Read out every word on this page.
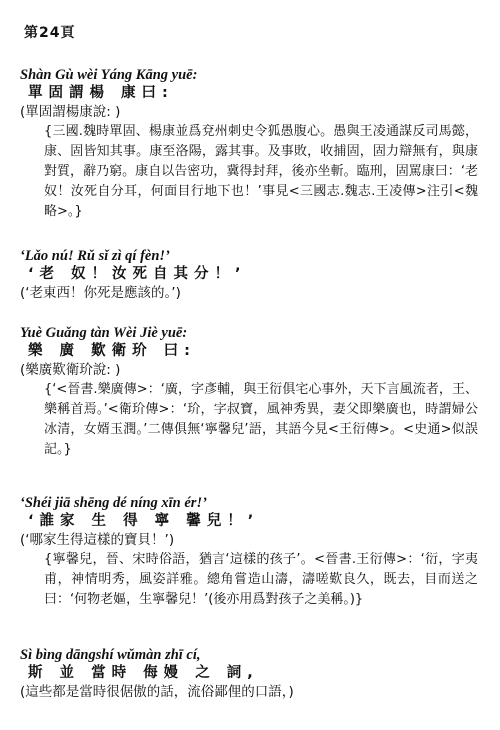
第24頁
Shàn Gù wèi Yáng Kāng yuē:
單固謂楊 康曰:
(單固謂楊康說: )
{三國.魏時單固、楊康並爲兗州刺史令狐愚腹心。愚與王凌通謀反司馬懿，康、固皆知其事。康至洛陽，露其事。及事敗，收捕固，固力辯無有，與康對質，辭乃窮。康自以告密功，冀得封拜，後亦坐斬。臨刑，固罵康曰：‘老奴！汝死自分耳，何面目行地下也！’事見<三國志.魏志.王凌傳>注引<魏略>。}
‘Lǎo nú! Rǔ sǐ zì qí fèn!’
‘老 奴！汝死自其分！’
(‘老東西！你死是應該的。’)
Yuè Guǎng tàn Wèi Jiè yuē:
樂 廣 歎衛玠 曰:
(樂廣歎衛玠說: )
{‘<晉書.樂廣傳>：‘廣，字彥輔，與王衍俱宅心事外，天下言風流者，王、樂稱首焉。’<衛玠傳>：‘玠，字叔寶，風神秀異，妻父即樂廣也，時謂婦公冰清，女婿玉潤。’二傳俱無‘寧馨兒’語，其語今見<王衍傳>。<史通>似誤記。}
‘Shéi jiā shēng dé níng xīn ér!’
‘誰家 生 得 寧 馨兒！’
(‘哪家生得這樣的寶貝！’)
{寧馨兒，晉、宋時俗語，猶言‘這樣的孩子’。<晉書.王衍傳>：‘衍，字夷甫，神情明秀，風姿詳雅。總角嘗造山濤，濤嗟歎良久，既去，目而送之曰：‘何物老嫗，生寧馨兒！’(後亦用爲對孩子之美稱。)}
Sì bìng dāngshí wǔmàn zhī cí,
斯 並 當時 侮嫚 之 詞,
(這些都是當時很倨傲的話，流俗鄙俚的口語，)
